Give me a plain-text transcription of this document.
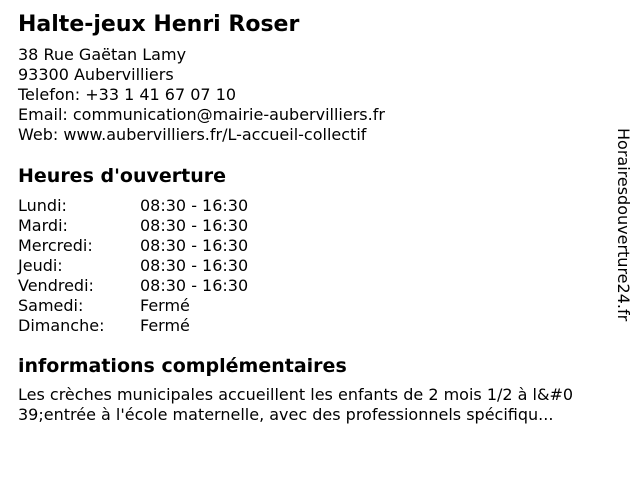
Halte-jeux Henri Roser
38 Rue Gaëtan Lamy
93300 Aubervilliers
Telefon: +33 1 41 67 07 10
Email: communication@mairie-aubervilliers.fr
Web: www.aubervilliers.fr/L-accueil-collectif
Heures d'ouverture
Lundi:	08:30 - 16:30
Mardi:	08:30 - 16:30
Mercredi:	08:30 - 16:30
Jeudi:	08:30 - 16:30
Vendredi:	08:30 - 16:30
Samedi:	Fermé
Dimanche:	Fermé
informations complémentaires
Les crèches municipales accueillent les enfants de 2 mois 1/2 à l&#0
39;entrée à l'école maternelle, avec des professionnels spécifiqu...
Horairesdouverture24.fr
